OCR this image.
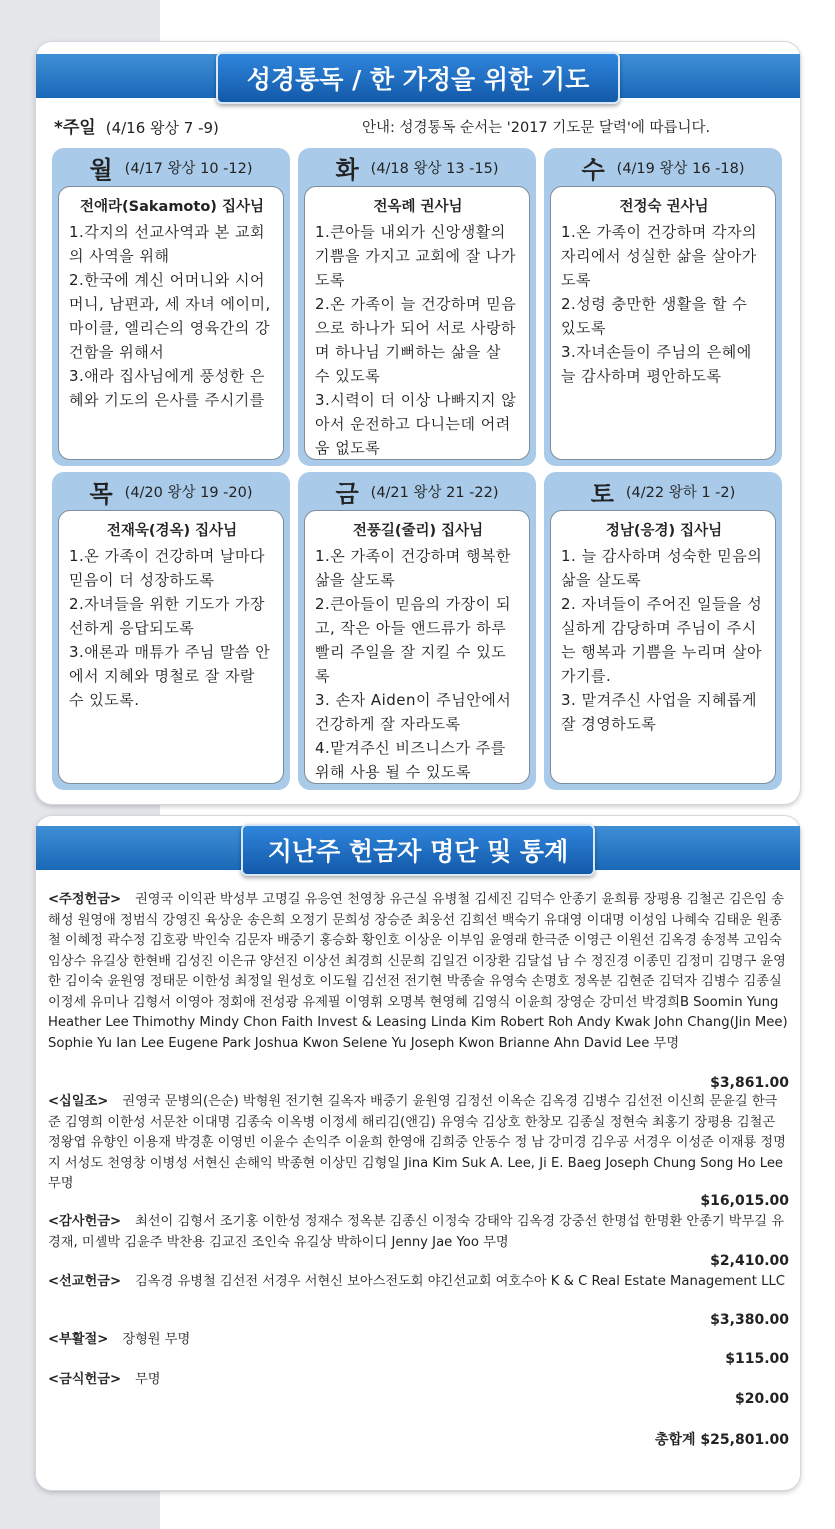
성경통독 / 한 가정을 위한 기도
*주일 (4/16 왕상 7 -9)	안내: 성경통독 순서는 '2017 기도문 달력'에 따릅니다.
월 (4/17 왕상 10 -12)
전애라(Sakamoto) 집사님
1.각지의 선교사역과 본 교회의 사역을 위해
2.한국에 계신 어머니와 시어머니, 남편과, 세 자녀 에이미, 마이클, 엘리슨의 영육간의 강건함을 위해서
3.애라 집사님에게 풍성한 은혜와 기도의 은사를 주시기를
화 (4/18 왕상 13 -15)
전옥례 권사님
1.큰아들 내외가 신앙생활의 기쁨을 가지고 교회에 잘 나가도록
2.온 가족이 늘 건강하며 믿음으로 하나가 되어 서로 사랑하며 하나님 기뻐하는 삶을 살 수 있도록
3.시력이 더 이상 나빠지지 않아서 운전하고 다니는데 어려움 없도록
수 (4/19 왕상 16 -18)
전정숙 권사님
1.온 가족이 건강하며 각자의 자리에서 성실한 삶을 살아가도록
2.성령 충만한 생활을 할 수 있도록
3.자녀손들이 주님의 은혜에 늘 감사하며 평안하도록
목 (4/20 왕상 19 -20)
전재욱(경옥) 집사님
1.온 가족이 건강하며 날마다 믿음이 더 성장하도록
2.자녀들을 위한 기도가 가장 선하게 응답되도록
3.애론과 매튜가 주님 말씀 안에서 지혜와 명철로 잘 자랄 수 있도록.
금 (4/21 왕상 21 -22)
전풍길(줄리) 집사님
1.온 가족이 건강하며 행복한 삶을 살도록
2.큰아들이 믿음의 가장이 되고, 작은 아들 앤드류가 하루빨리 주일을 잘 지킬 수 있도록
3. 손자 Aiden이 주님안에서 건강하게 잘 자라도록
4.맡겨주신 비즈니스가 주를 위해 사용 될 수 있도록
토 (4/22 왕하 1 -2)
정남(응경) 집사님
1. 늘 감사하며 성숙한 믿음의 삶을 살도록
2. 자녀들이 주어진 일들을 성실하게 감당하며 주님이 주시는 행복과 기쁨을 누리며 살아가기를.
3. 맡겨주신 사업을 지혜롭게 잘 경영하도록
지난주 헌금자 명단 및 통계
<주정헌금> 권영국 이익관 박성부 고명길 유응연 천영창 유근실 유병철 김세진 김덕수 안종기 윤희륭 장평용 김철곤 김은임 송해성 원영애 정범식 강영진 육상운 송은희 오정기 문희성 장승준 최웅선 김희선 백숙기 유대영 이대명 이성임 나혜숙 김태운 원종철 이혜정 곽수정 김호광 박인숙 김문자 배중기 홍승화 황인호 이상운 이부임 윤영래 한극준 이영근 이원선 김옥경 송정복 고임숙 임상수 유길상 한현배 김성진 이은규 양선진 이상선 최경희 신문희 김일건 이장환 김달섭 남 수 정진경 이종민 김정미 김명구 윤영한 김이숙 윤원영 정태문 이한성 최정일 원성호 이도월 김선전 전기현 박종술 유영숙 손명호 정옥분 김현준 김덕자 김병수 김종실 이정세 유미나 김형서 이영아 정회애 전성광 유제필 이영휘 오명복 현영혜 김영식 이윤희 장영순 강미선 박경희B Soomin Yung Heather Lee Thimothy Mindy Chon Faith Invest & Leasing Linda Kim Robert Roh Andy Kwak John Chang(Jin Mee) Sophie Yu Ian Lee Eugene Park Joshua Kwon Selene Yu Joseph Kwon Brianne Ahn David Lee 무명
$3,861.00
<십일조> 권영국 문병의(은순) 박형원 전기현 길옥자 배중기 윤원영 김정선 이옥순 김옥경 김병수 김선전 이신희 문윤길 한극준 김영희 이한성 서문찬 이대명 김종숙 이옥병 이정세 해리김(앤김) 유영숙 김상호 한창모 김종실 정현숙 최홍기 장평용 김철곤 정왕엽 유향인 이용재 박경훈 이영빈 이윤수 손익주 이윤희 한영애 김희중 안동수 정 남 강미경 김우공 서경우 이성준 이재룡 정명지 서성도 천영창 이병성 서현신 손해익 박종현 이상민 김형일 Jina Kim Suk A. Lee, Ji E. Baeg Joseph Chung Song Ho Lee 무명
$16,015.00
<감사헌금> 최선이 김형서 조기홍 이한성 정재수 정옥분 김종신 이정숙 강태악 김옥경 강중선 한명섭 한명환 안종기 박무길 유경재, 미셸박 김윤주 박찬용 김교진 조인숙 유길상 박하이디 Jenny Jae Yoo 무명
$2,410.00
<선교헌금> 김옥경 유병철 김선전 서경우 서현신 보아스전도회 야긴선교회 여호수아 K & C Real Estate Management LLC
$3,380.00
<부활절> 장형원 무명
$115.00
<금식헌금> 무명
$20.00
총합계 $25,801.00
